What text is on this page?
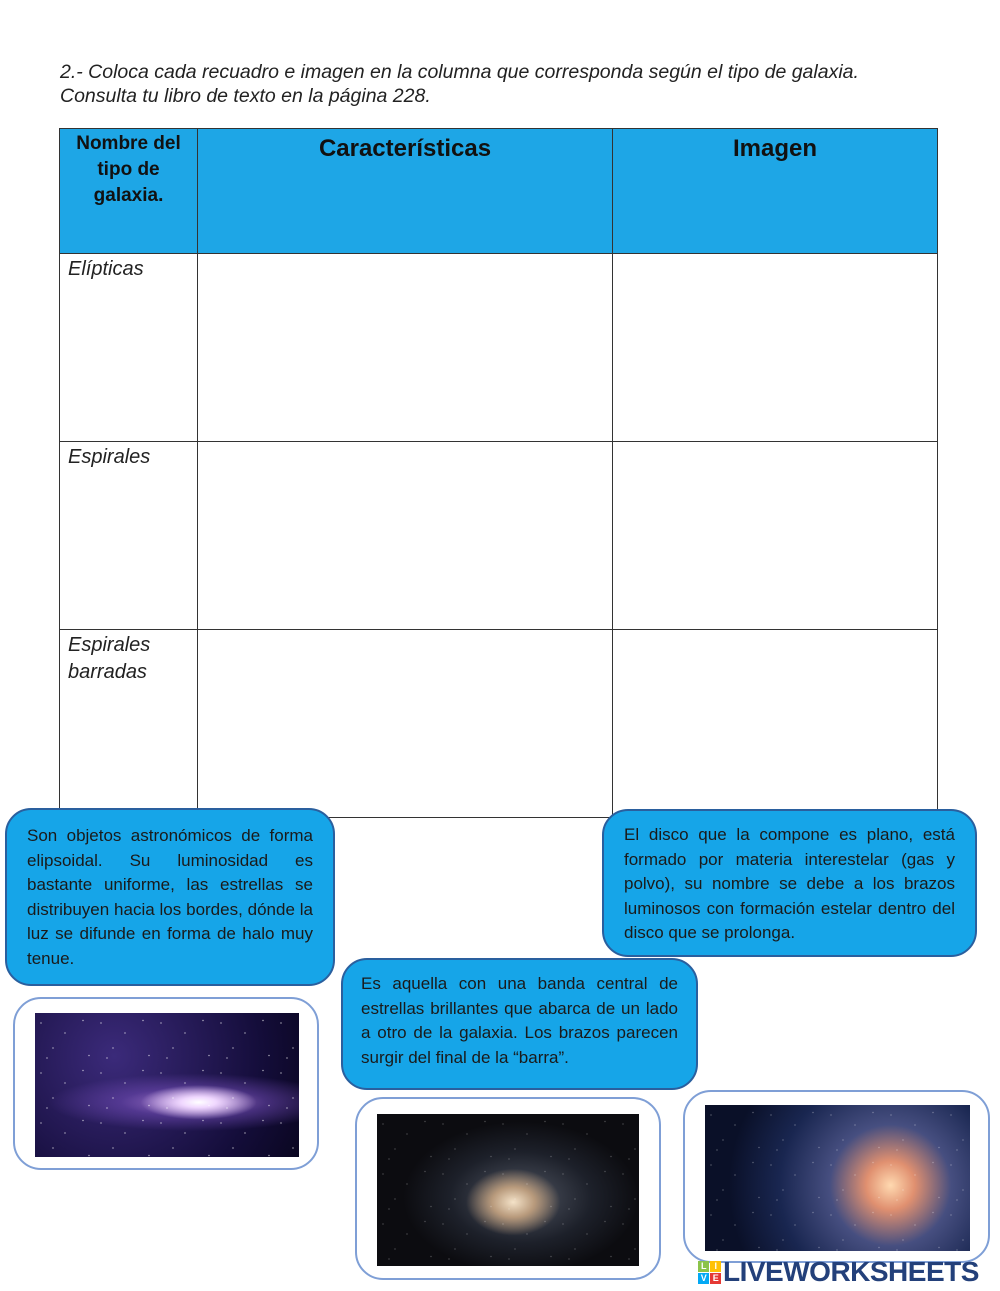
2.- Coloca cada recuadro e imagen en la columna que corresponda según el tipo de galaxia. Consulta tu libro de texto en la página 228.
Nombre del tipo de galaxia.	Características	Imagen
Elípticas		
Espirales		
Espirales barradas		
Son objetos astronómicos de forma elipsoidal. Su luminosidad es bastante uniforme, las estrellas se distribuyen hacia los bordes, dónde la luz se difunde en forma de halo muy tenue.
El disco que la compone es plano, está formado por materia interestelar (gas y polvo), su nombre se debe a los brazos luminosos con formación estelar dentro del disco que se prolonga.
Es aquella con una banda central de estrellas brillantes que abarca de un lado a otro de la galaxia. Los brazos parecen surgir del final de la “barra”.
L I
V E LIVEWORKSHEETS
